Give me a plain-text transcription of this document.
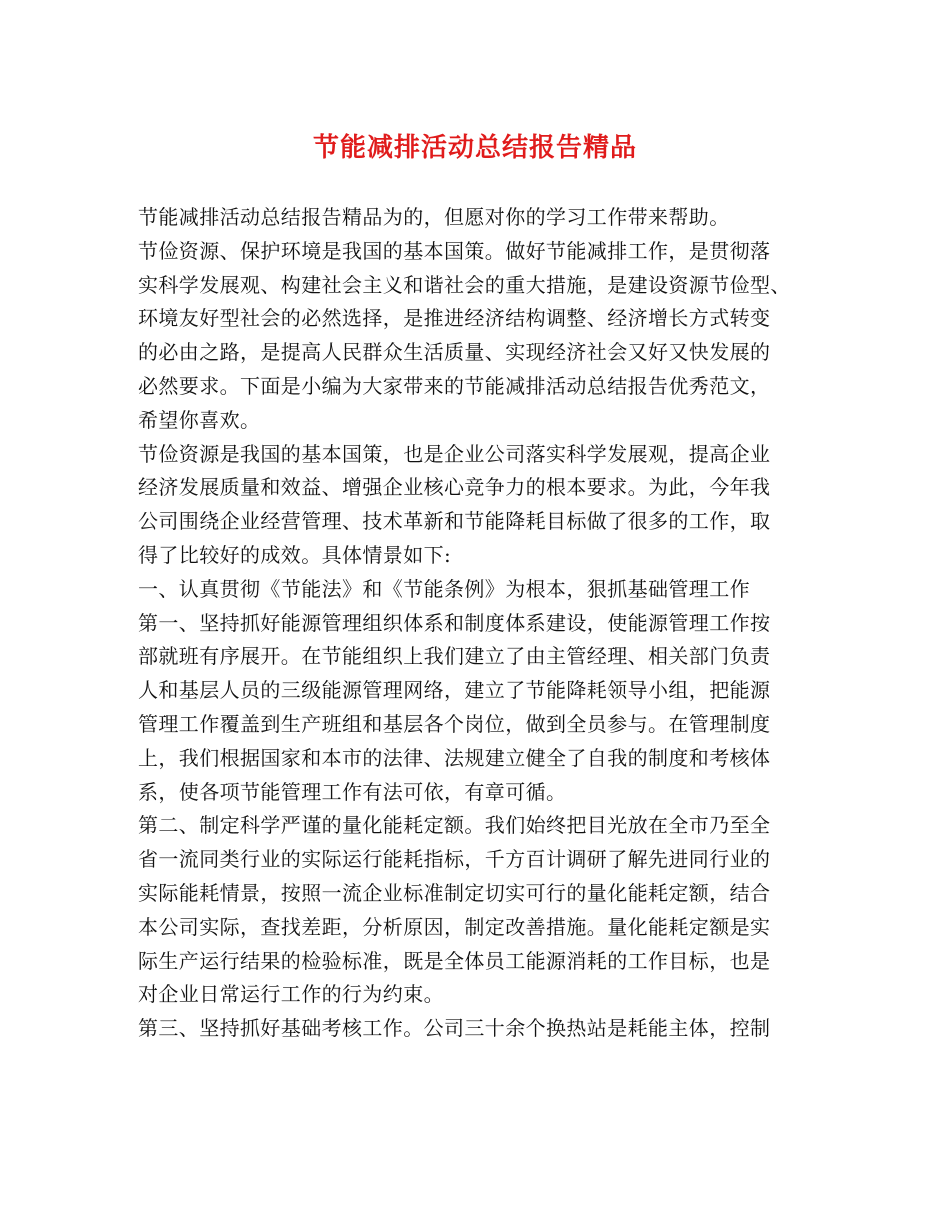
节能减排活动总结报告精品
节能减排活动总结报告精品为的，但愿对你的学习工作带来帮助。
节俭资源、保护环境是我国的基本国策。做好节能减排工作，是贯彻落
实科学发展观、构建社会主义和谐社会的重大措施，是建设资源节俭型、
环境友好型社会的必然选择，是推进经济结构调整、经济增长方式转变
的必由之路，是提高人民群众生活质量、实现经济社会又好又快发展的
必然要求。下面是小编为大家带来的节能减排活动总结报告优秀范文，
希望你喜欢。
节俭资源是我国的基本国策，也是企业公司落实科学发展观，提高企业
经济发展质量和效益、增强企业核心竞争力的根本要求。为此，今年我
公司围绕企业经营管理、技术革新和节能降耗目标做了很多的工作，取
得了比较好的成效。具体情景如下:
一、认真贯彻《节能法》和《节能条例》为根本，狠抓基础管理工作
第一、坚持抓好能源管理组织体系和制度体系建设，使能源管理工作按
部就班有序展开。在节能组织上我们建立了由主管经理、相关部门负责
人和基层人员的三级能源管理网络，建立了节能降耗领导小组，把能源
管理工作覆盖到生产班组和基层各个岗位，做到全员参与。在管理制度
上，我们根据国家和本市的法律、法规建立健全了自我的制度和考核体
系，使各项节能管理工作有法可依，有章可循。
第二、制定科学严谨的量化能耗定额。我们始终把目光放在全市乃至全
省一流同类行业的实际运行能耗指标，千方百计调研了解先进同行业的
实际能耗情景，按照一流企业标准制定切实可行的量化能耗定额，结合
本公司实际，查找差距，分析原因，制定改善措施。量化能耗定额是实
际生产运行结果的检验标准，既是全体员工能源消耗的工作目标，也是
对企业日常运行工作的行为约束。
第三、坚持抓好基础考核工作。公司三十余个换热站是耗能主体，控制
